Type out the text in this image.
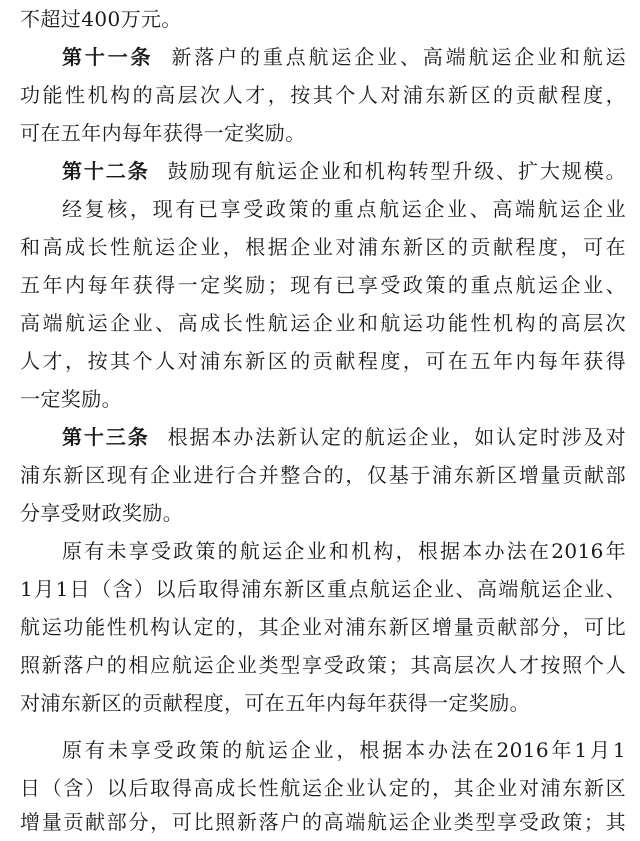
不超过400万元。
第十一条 新落户的重点航运企业、高端航运企业和航运
功能性机构的高层次人才，按其个人对浦东新区的贡献程度，
可在五年内每年获得一定奖励。
第十二条 鼓励现有航运企业和机构转型升级、扩大规模。
经复核，现有已享受政策的重点航运企业、高端航运企业
和高成长性航运企业，根据企业对浦东新区的贡献程度，可在
五年内每年获得一定奖励；现有已享受政策的重点航运企业、
高端航运企业、高成长性航运企业和航运功能性机构的高层次
人才，按其个人对浦东新区的贡献程度，可在五年内每年获得
一定奖励。
第十三条 根据本办法新认定的航运企业，如认定时涉及对
浦东新区现有企业进行合并整合的，仅基于浦东新区增量贡献部
分享受财政奖励。
原有未享受政策的航运企业和机构，根据本办法在2016年
1月1日（含）以后取得浦东新区重点航运企业、高端航运企业、
航运功能性机构认定的，其企业对浦东新区增量贡献部分，可比
照新落户的相应航运企业类型享受政策；其高层次人才按照个人
对浦东新区的贡献程度，可在五年内每年获得一定奖励。
原有未享受政策的航运企业，根据本办法在2016年1月1
日（含）以后取得高成长性航运企业认定的，其企业对浦东新区
增量贡献部分，可比照新落户的高端航运企业类型享受政策；其
